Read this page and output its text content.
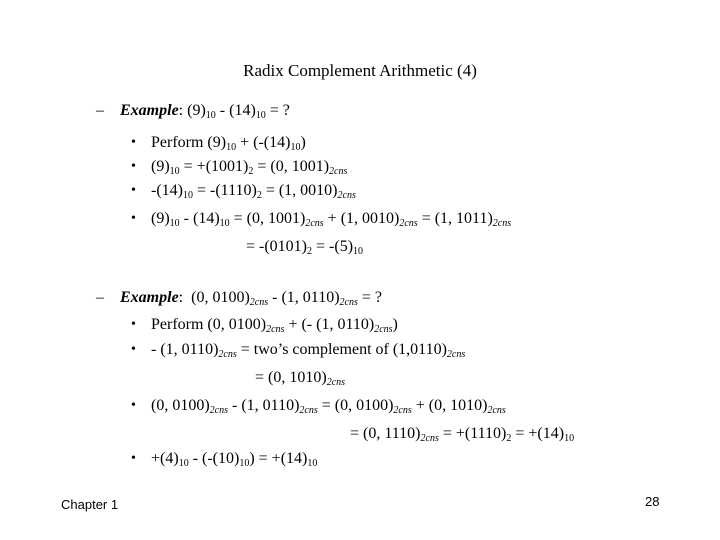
Radix Complement Arithmetic (4)
– Example: $(9)_{10} - (14)_{10}$ = ?
• Perform $(9)_{10} + (-(14)_{10})$
• $(9)_{10} = +(1001)_2 = (0$, $1001)_{2cns}$
• $-(14)_{10} = -(1110)_2 = (1$, $0010)_{2cns}$
• $(9)_{10} - (14)_{10} = (0$, $1001)_{2cns} + (1$, $0010)_{2cns} = (1$, $1011)_{2cns}$
= $-(0101)_2 = -(5)_{10}$
– Example:  (0, $0100)_{2cns} - (1$, $0110)_{2cns}$ = ?
• Perform (0, $0100)_{2cns}$ + (- (1, $0110)_{2cns}$)
• - (1, $0110)_{2cns}$ = two’s complement of $(1,0110)_{2cns}$
= (0, $1010)_{2cns}$
• (0, $0100)_{2cns} - (1$, $0110)_{2cns} = (0$, $0100)_{2cns} + (0$, $1010)_{2cns}$
= (0, $1110)_{2cns} = +(1110)_2 = +(14)_{10}$
• $+(4)_{10} - (-(10)_{10}) = +(14)_{10}$
Chapter 1	28
